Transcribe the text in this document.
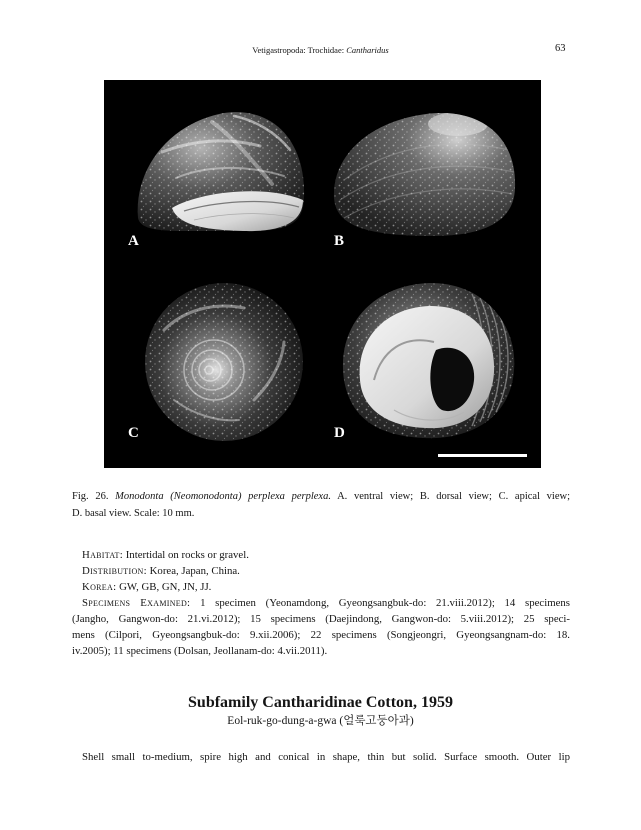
Vetigastropoda: Trochidae: Cantharidus	63
A	B
C	D
Fig. 26. Monodonta (Neomonodonta) perplexa perplexa. A. ventral view; B. dorsal view; C. apical view;
D. basal view. Scale: 10 mm.
Habitat: Intertidal on rocks or gravel.
Distribution: Korea, Japan, China.
Korea: GW, GB, GN, JN, JJ.
Specimens Examined: 1 specimen (Yeonamdong, Gyeongsangbuk-do: 21.viii.2012); 14 specimens
(Jangho, Gangwon-do: 21.vi.2012); 15 specimens (Daejindong, Gangwon-do: 5.viii.2012); 25 speci-
mens (Cilpori, Gyeongsangbuk-do: 9.xii.2006); 22 specimens (Songjeongri, Gyeongsangnam-do: 18.
iv.2005); 11 specimens (Dolsan, Jeollanam-do: 4.vii.2011).
Subfamily Cantharidinae Cotton, 1959
Eol-ruk-go-dung-a-gwa (얼룩고둥아과)
Shell small to-medium, spire high and conical in shape, thin but solid. Surface smooth. Outer lip
